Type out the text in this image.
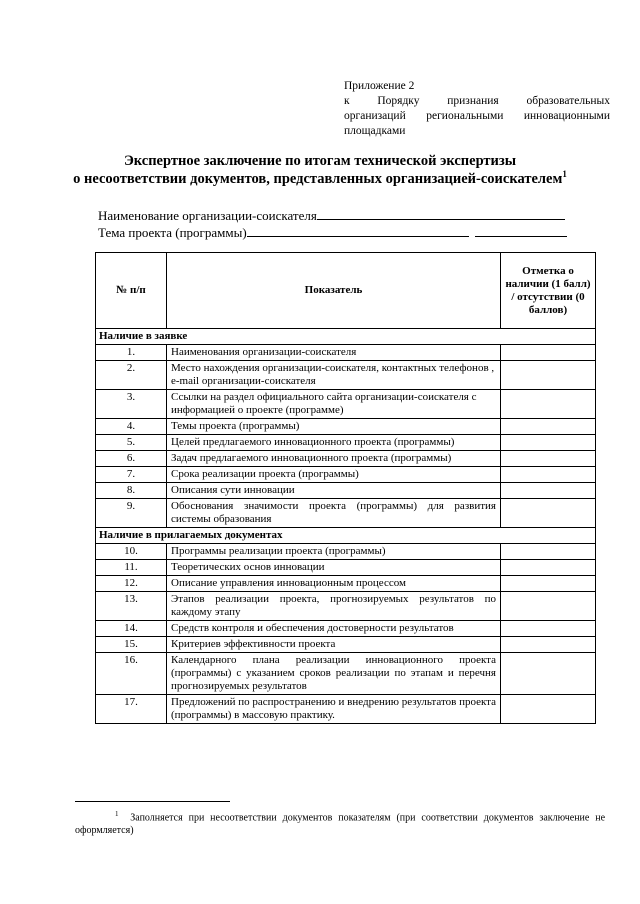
Приложение 2
к Порядку признания образовательных
организаций региональными инновационными
площадками
Экспертное заключение по итогам технической экспертизы
о несоответствии документов, представленных организацией-соискателем$^1$
Наименование организации-соискателя
Тема проекта (программы)
№ п/п	Показатель	Отметка о наличии (1 балл) / отсутствии (0 баллов)
Наличие в заявке		
1.	Наименования организации-соискателя	
2.	Место нахождения организации-соискателя, контактных телефонов , e-mail организации-соискателя	
3.	Ссылки на раздел официального сайта организации-соискателя с информацией о проекте (программе)	
4.	Темы проекта (программы)	
5.	Целей предлагаемого инновационного проекта (программы)	
6.	Задач предлагаемого инновационного проекта (программы)	
7.	Срока реализации проекта (программы)	
8.	Описания сути инновации	
9.	Обоснования значимости проекта (программы) для развития системы образования	
Наличие в прилагаемых документах		
10.	Программы реализации проекта (программы)	
11.	Теоретических основ инновации	
12.	Описание управления инновационным процессом	
13.	Этапов реализации проекта, прогнозируемых результатов по каждому этапу	
14.	Средств контроля и обеспечения достоверности результатов	
15.	Критериев эффективности проекта	
16.	Календарного плана реализации инновационного проекта (программы) с указанием сроков реализации по этапам и перечня прогнозируемых результатов	
17.	Предложений по распространению и внедрению результатов проекта (программы) в массовую практику.	
$^1$ Заполняется при несоответствии документов показателям (при соответствии документов заключение не оформляется)
